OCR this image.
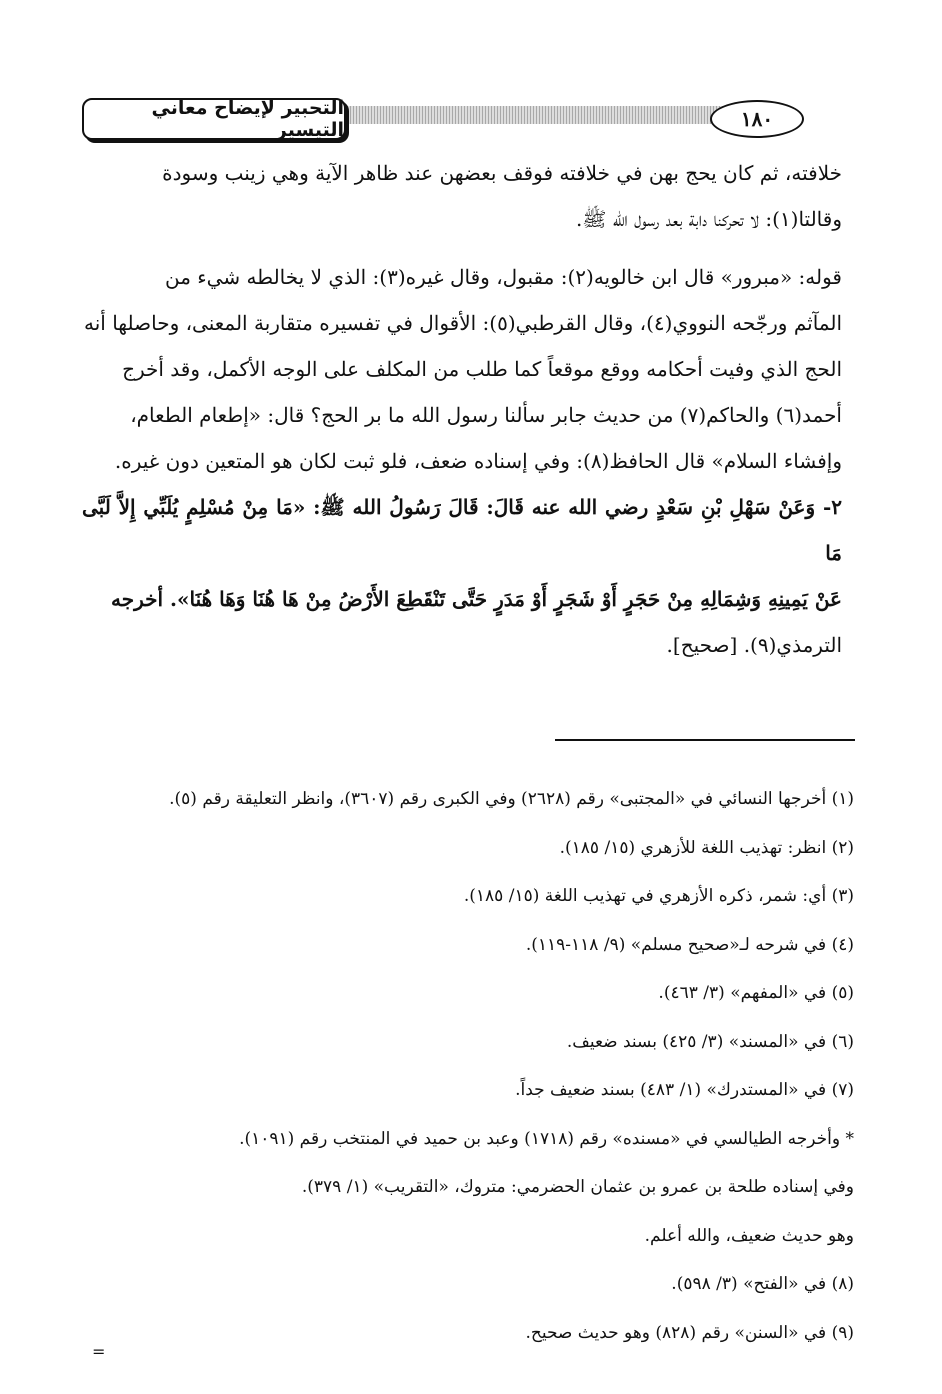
التحبير لإيضاح معاني التيسير	١٨٠

خلافته، ثم كان يحج بهن في خلافته فوقف بعضهن عند ظاهر الآية وهي زينب وسودة

وقالتا(١): لا تحركنا دابة بعد رسول الله ﷺ.

قوله: «مبرور» قال ابن خالويه(٢): مقبول، وقال غيره(٣): الذي لا يخالطه شيء من

المآثم ورجّحه النووي(٤)، وقال القرطبي(٥): الأقوال في تفسيره متقاربة المعنى، وحاصلها أنه

الحج الذي وفيت أحكامه ووقع موقعاً كما طلب من المكلف على الوجه الأكمل، وقد أخرج

أحمد(٦) والحاكم(٧) من حديث جابر سألنا رسول الله ما بر الحج؟ قال: «إطعام الطعام،

وإفشاء السلام» قال الحافظ(٨): وفي إسناده ضعف، فلو ثبت لكان هو المتعين دون غيره.

٢- وَعَنْ سَهْلِ بْنِ سَعْدٍ رضي الله عنه قَالَ: قَالَ رَسُولُ الله ﷺ: «مَا مِنْ مُسْلِمٍ يُلَبِّي إِلاَّ لَبَّى مَا

عَنْ يَمِينِهِ وَشِمَالِهِ مِنْ حَجَرٍ أَوْ شَجَرٍ أَوْ مَدَرٍ حَتَّى تَنْقَطِعَ الأَرْضُ مِنْ هَا هُنَا وَهَا هُنَا». أخرجه

الترمذي(٩). [صحيح].

(١) أخرجها النسائي في «المجتبى» رقم (٢٦٢٨) وفي الكبرى رقم (٣٦٠٧)، وانظر التعليقة رقم (٥).
(٢) انظر: تهذيب اللغة للأزهري (١٥/ ١٨٥).
(٣) أي: شمر، ذكره الأزهري في تهذيب اللغة (١٥/ ١٨٥).
(٤) في شرحه لـ«صحيح مسلم» (٩/ ١١٨-١١٩).
(٥) في «المفهم» (٣/ ٤٦٣).
(٦) في «المسند» (٣/ ٤٢٥) بسند ضعيف.
(٧) في «المستدرك» (١/ ٤٨٣) بسند ضعيف جداً.
* وأخرجه الطيالسي في «مسنده» رقم (١٧١٨) وعبد بن حميد في المنتخب رقم (١٠٩١).
وفي إسناده طلحة بن عمرو بن عثمان الحضرمي: متروك، «التقريب» (١/ ٣٧٩).
وهو حديث ضعيف، والله أعلم.
(٨) في «الفتح» (٣/ ٥٩٨).
(٩) في «السنن» رقم (٨٢٨) وهو حديث صحيح.
=
